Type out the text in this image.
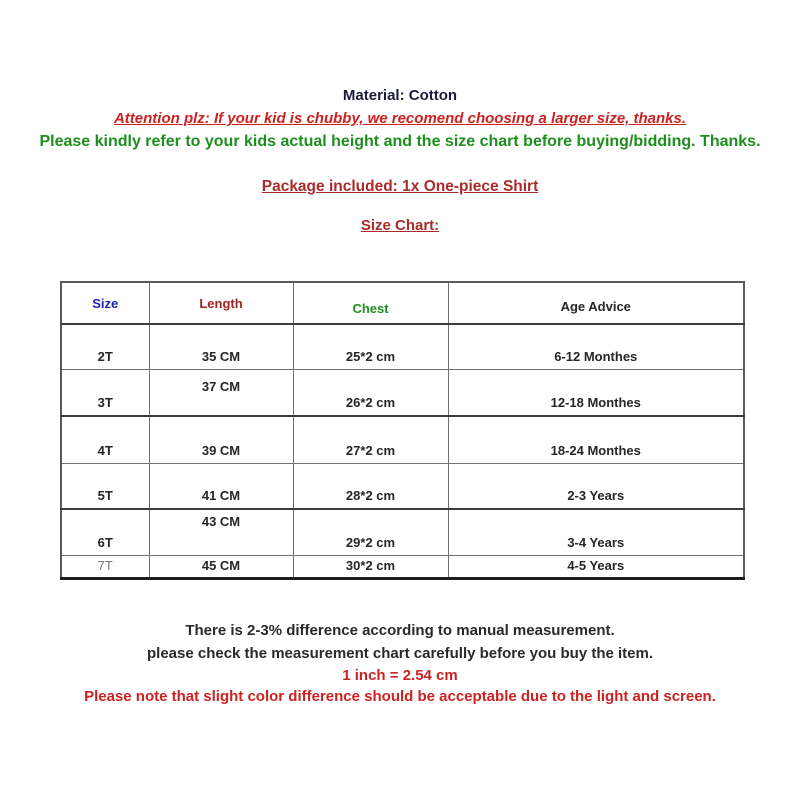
Material: Cotton
Attention plz: If your kid is chubby, we recomend choosing a larger size, thanks.
Please kindly refer to your kids actual height and the size chart before buying/bidding. Thanks.
Package included: 1x One-piece Shirt
Size Chart:
Size	Length	Chest	Age Advice
2T	35 CM	25*2 cm	6-12 Monthes
3T	37 CM	26*2 cm	12-18 Monthes
4T	39 CM	27*2 cm	18-24 Monthes
5T	41 CM	28*2 cm	2-3 Years
6T	43 CM	29*2 cm	3-4 Years
7T	45 CM	30*2 cm	4-5 Years
There is 2-3% difference according to manual measurement.
please check the measurement chart carefully before you buy the item.
1 inch = 2.54 cm
Please note that slight color difference should be acceptable due to the light and screen.
